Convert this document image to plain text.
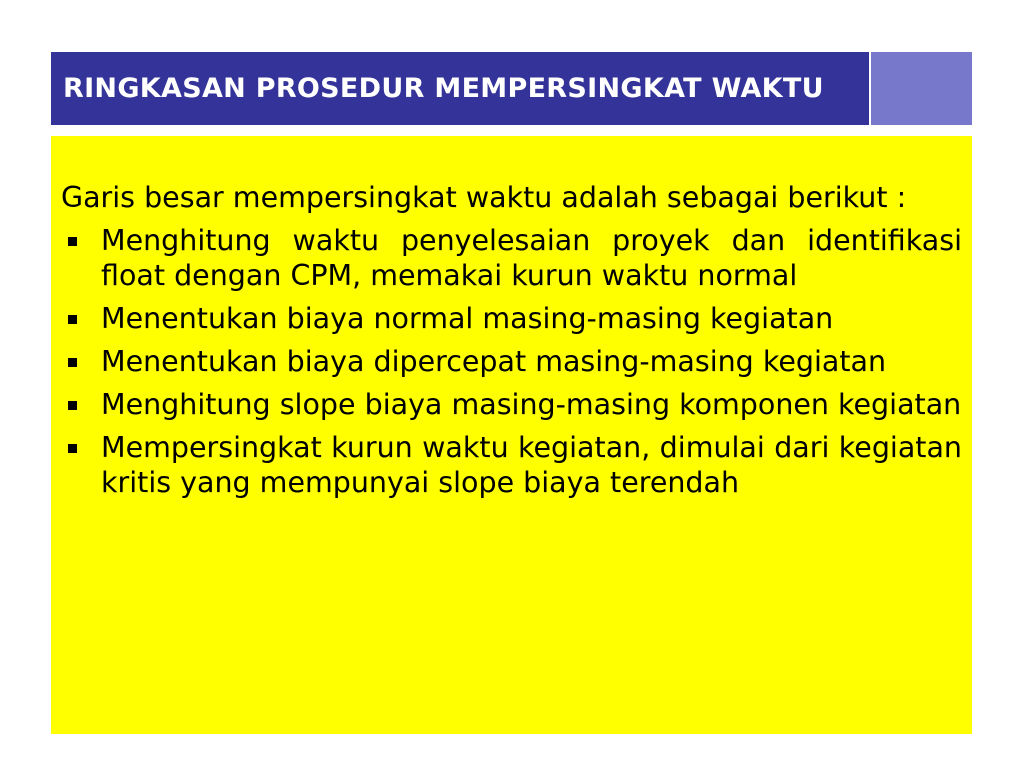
RINGKASAN PROSEDUR MEMPERSINGKAT WAKTU
Garis besar mempersingkat waktu adalah sebagai berikut :
Menghitung waktu penyelesaian proyek dan identifikasi float dengan CPM, memakai kurun waktu normal
Menentukan biaya normal masing-masing kegiatan
Menentukan biaya dipercepat masing-masing kegiatan
Menghitung slope biaya masing-masing komponen kegiatan
Mempersingkat kurun waktu kegiatan, dimulai dari kegiatan kritis yang mempunyai slope biaya terendah
